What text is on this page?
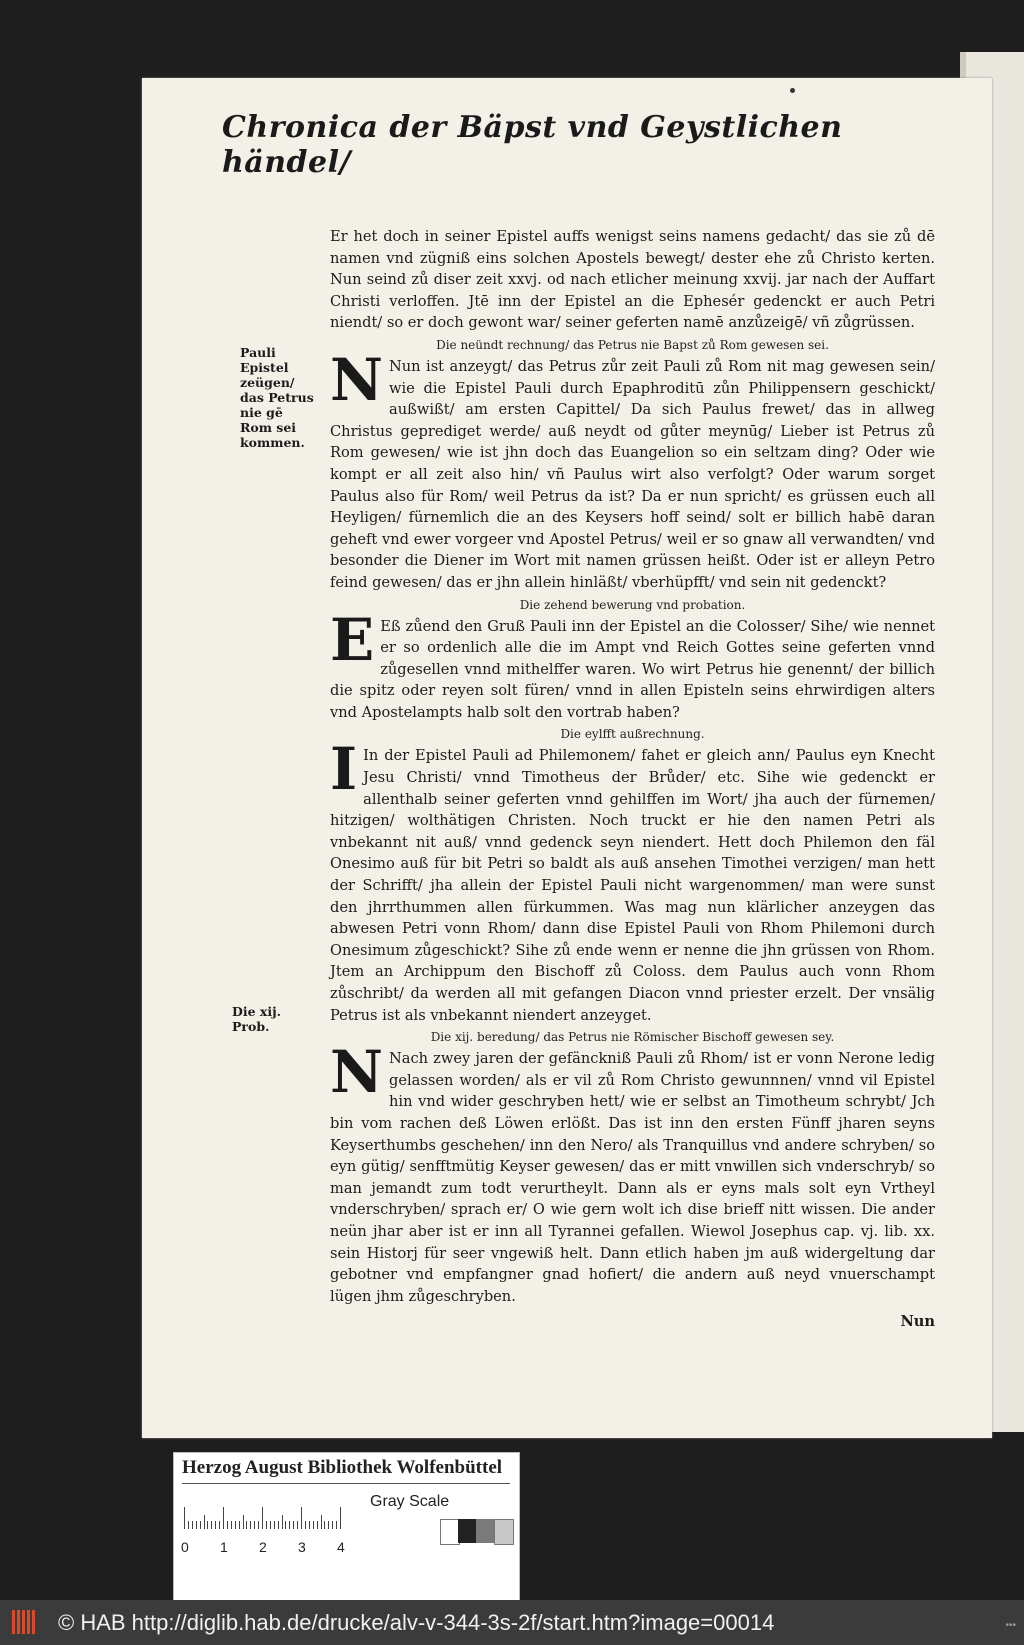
Chronica der Bäpst vnd Geystlichen händel/
Pauli Epistel zeügen/ das Petrus nie gē Rom sei kommen.
Die xij. Prob.

Er het doch in seiner Epistel auffs wenigst seins namens gedacht/ das sie zů dē namen vnd zügniß eins solchen Apostels bewegt/ dester ehe zů Christo kerten. Nun seind zů diser zeit xxvj. od nach etlicher meinung xxvij. jar nach der Auffart Christi verloffen. Jtē inn der Epistel an die Ephesér gedenckt er auch Petri niendt/ so er doch gewont war/ seiner geferten namē anzůzeigē/ vñ zůgrüssen.

Die neündt rechnung/ das Petrus nie Bapst zů Rom gewesen sei.

N Nun ist anzeygt/ das Petrus zůr zeit Pauli zů Rom nit mag gewesen sein/ wie die Epistel Pauli durch Epaphroditū zůn Philippensern geschickt/ außwißt/ am ersten Capittel/ Da sich Paulus frewet/ das in allweg Christus geprediget werde/ auß neydt od gůter meynūg/ Lieber ist Petrus zů Rom gewesen/ wie ist jhn doch das Euangelion so ein seltzam ding? Oder wie kompt er all zeit also hin/ vñ Paulus wirt also verfolgt? Oder warum sorget Paulus also für Rom/ weil Petrus da ist? Da er nun spricht/ es grüssen euch all Heyligen/ fürnemlich die an des Keysers hoff seind/ solt er billich habē daran geheft vnd ewer vorgeer vnd Apostel Petrus/ weil er so gnaw all verwandten/ vnd besonder die Diener im Wort mit namen grüssen heißt. Oder ist er alleyn Petro feind gewesen/ das er jhn allein hinläßt/ vberhüpfft/ vnd sein nit gedenckt?

Die zehend bewerung vnd probation.

E Eß zůend den Gruß Pauli inn der Epistel an die Colosser/ Sihe/ wie nennet er so ordenlich alle die im Ampt vnd Reich Gottes seine geferten vnnd zůgesellen vnnd mithelffer waren. Wo wirt Petrus hie genennt/ der billich die spitz oder reyen solt füren/ vnnd in allen Episteln seins ehrwirdigen alters vnd Apostelampts halb solt den vortrab haben?

Die eylfft außrechnung.

I In der Epistel Pauli ad Philemonem/ fahet er gleich ann/ Paulus eyn Knecht Jesu Christi/ vnnd Timotheus der Brůder/ etc. Sihe wie gedenckt er allenthalb seiner geferten vnnd gehilffen im Wort/ jha auch der fürnemen/ hitzigen/ wolthätigen Christen. Noch truckt er hie den namen Petri als vnbekannt nit auß/ vnnd gedenck seyn niendert. Hett doch Philemon den fäl Onesimo auß für bit Petri so baldt als auß ansehen Timothei verzigen/ man hett der Schrifft/ jha allein der Epistel Pauli nicht wargenommen/ man were sunst den jhrrthummen allen fürkummen. Was mag nun klärlicher anzeygen das abwesen Petri vonn Rhom/ dann dise Epistel Pauli von Rhom Philemoni durch Onesimum zůgeschickt? Sihe zů ende wenn er nenne die jhn grüssen von Rhom. Jtem an Archippum den Bischoff zů Coloss. dem Paulus auch vonn Rhom zůschribt/ da werden all mit gefangen Diacon vnnd priester erzelt. Der vnsälig Petrus ist als vnbekannt niendert anzeyget.

Die xij. beredung/ das Petrus nie Römischer Bischoff gewesen sey.

N Nach zwey jaren der gefänckniß Pauli zů Rhom/ ist er vonn Nerone ledig gelassen worden/ als er vil zů Rom Christo gewunnnen/ vnnd vil Epistel hin vnd wider geschryben hett/ wie er selbst an Timotheum schrybt/ Jch bin vom rachen deß Löwen erlößt. Das ist inn den ersten Fünff jharen seyns Keyserthumbs geschehen/ inn den Nero/ als Tranquillus vnd andere schryben/ so eyn gütig/ senfftmütig Keyser gewesen/ das er mitt vnwillen sich vnderschryb/ so man jemandt zum todt verurtheylt. Dann als er eyns mals solt eyn Vrtheyl vnderschryben/ sprach er/ O wie gern wolt ich dise brieff nitt wissen. Die ander neün jhar aber ist er inn all Tyrannei gefallen. Wiewol Josephus cap. vj. lib. xx. sein Historj für seer vngewiß helt. Dann etlich haben jm auß widergeltung dar gebotner vnd empfangner gnad hofiert/ die andern auß neyd vnuerschampt lügen jhm zůgeschryben.

Nun
Herzog August Bibliothek Wolfenbüttel
0 1 2 3 4
Gray Scale
© HAB http://diglib.hab.de/drucke/alv-v-344-3s-2f/start.htm?image=00014	•••
